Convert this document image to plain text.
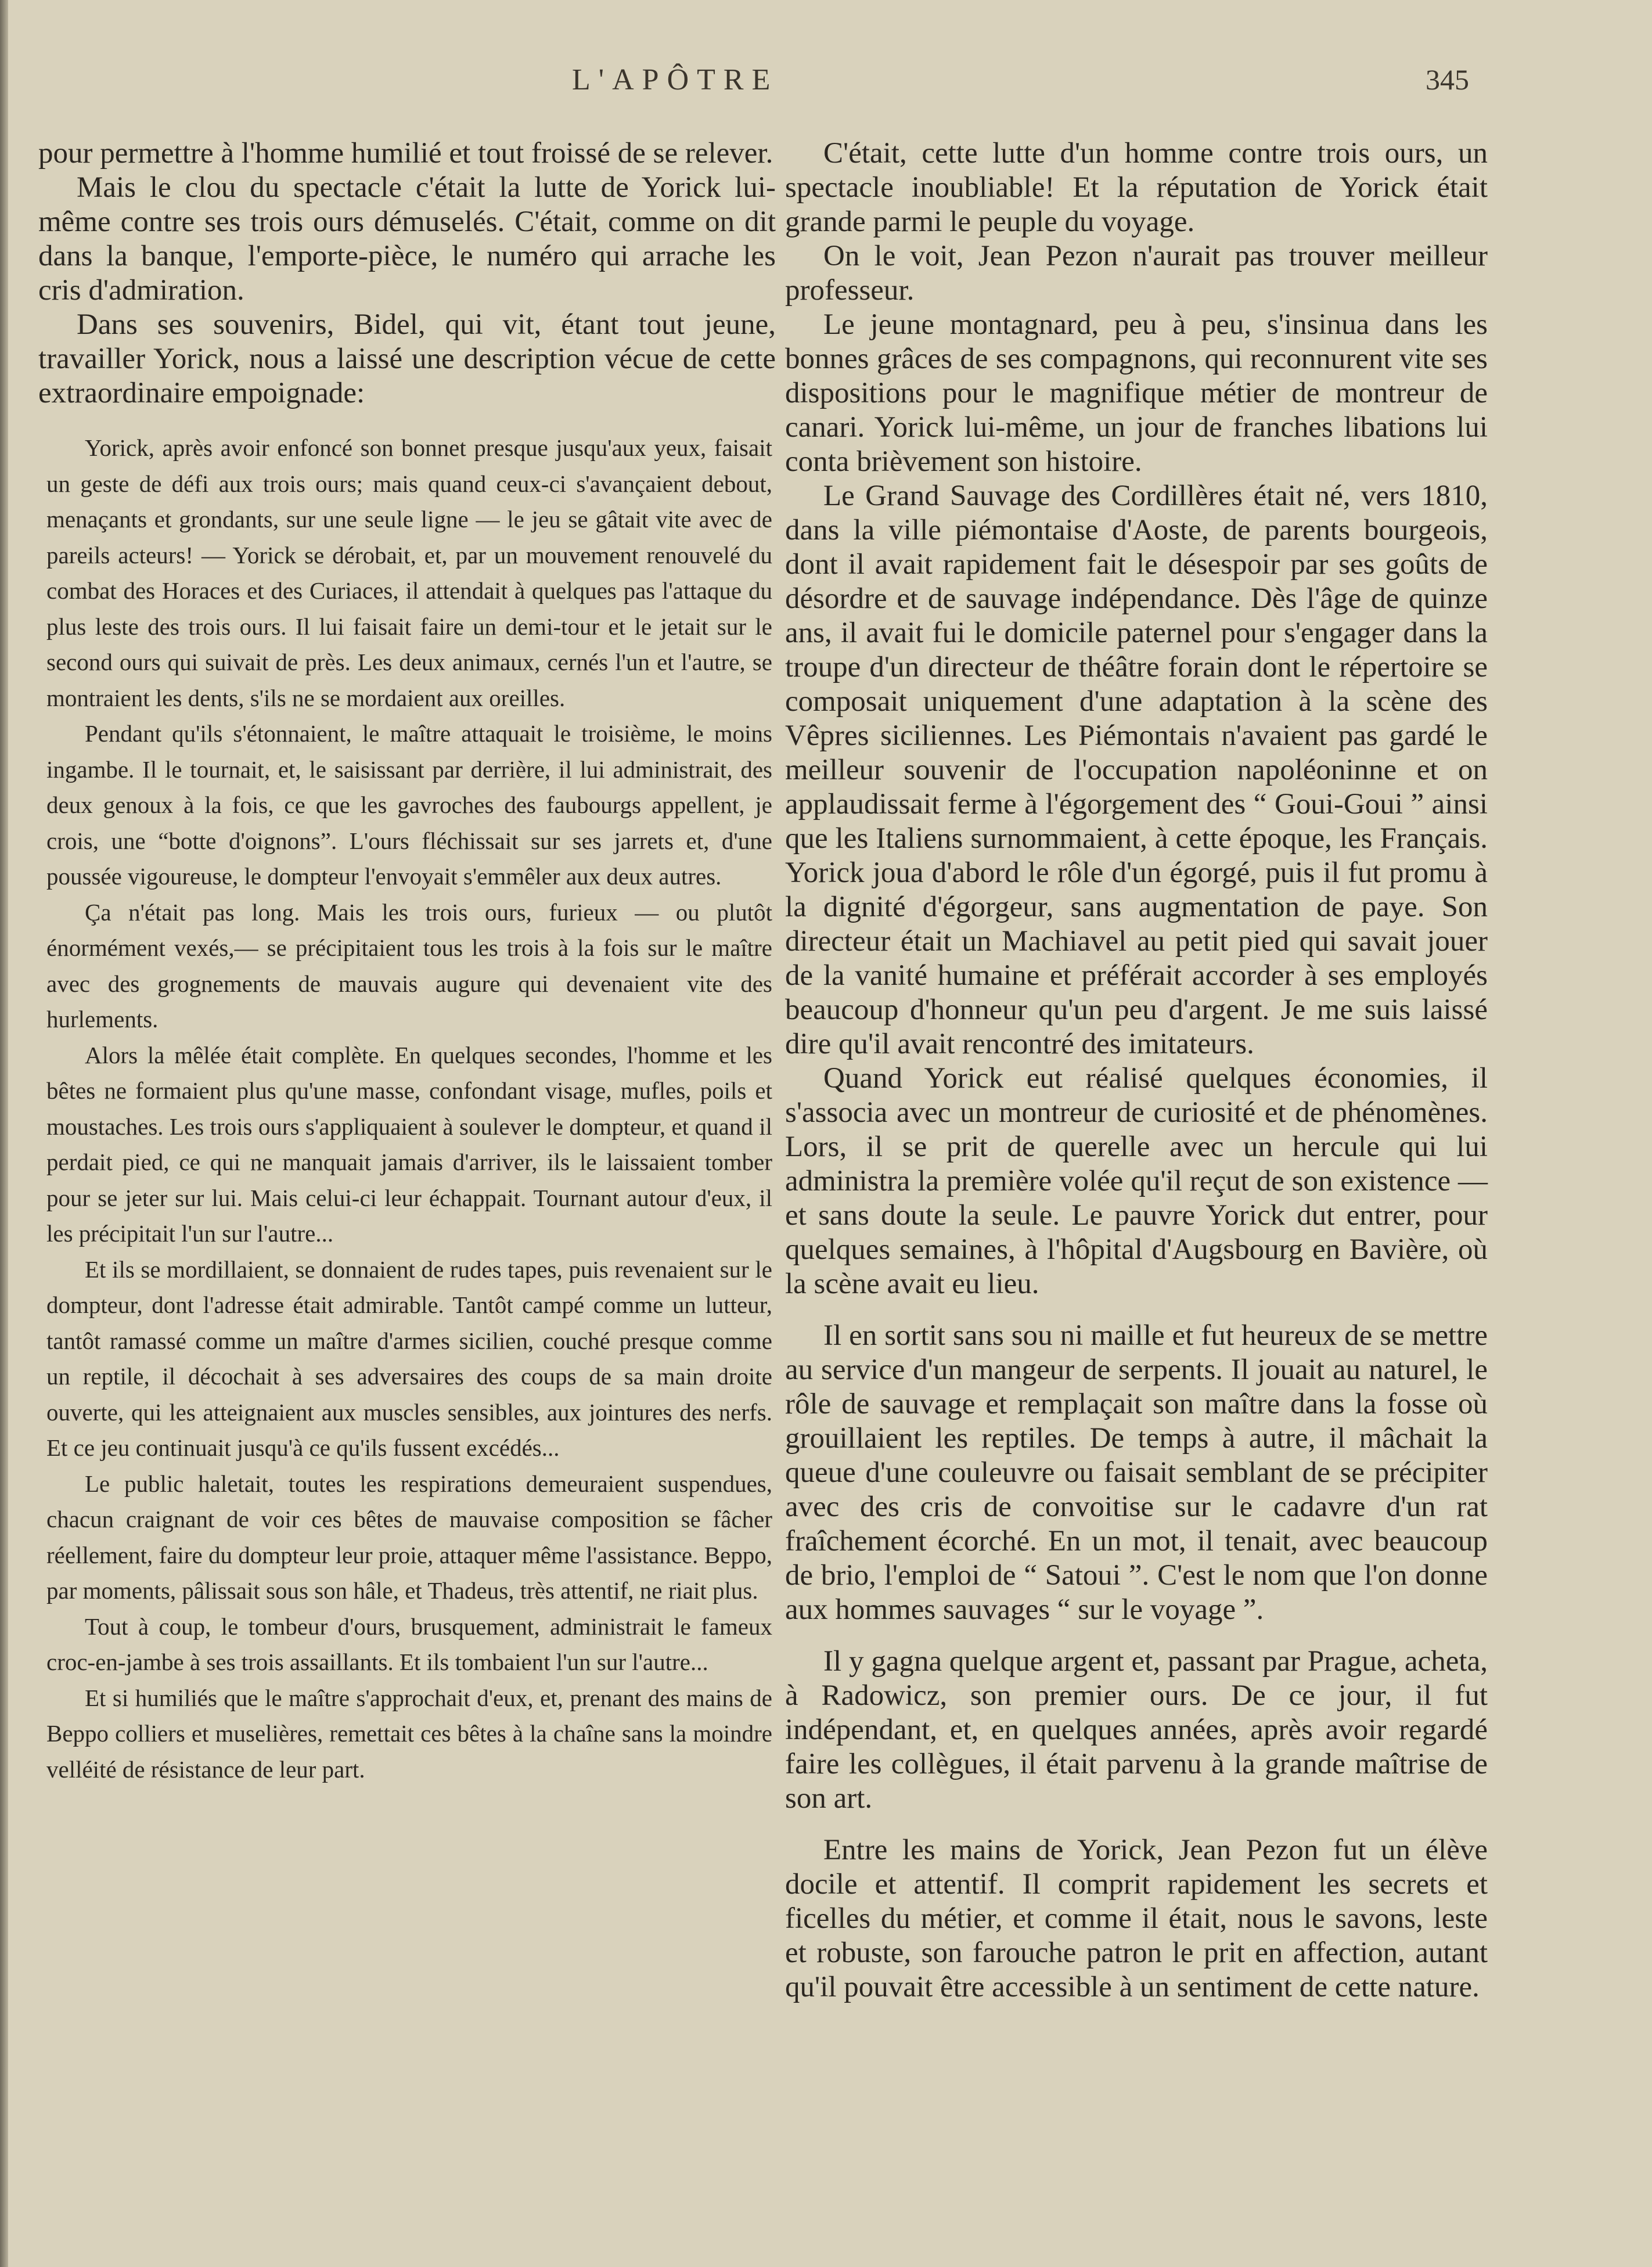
L'APÔTRE	345

pour permettre à l'homme humilié et tout froissé de se relever.

Mais le clou du spectacle c'était la lutte de Yorick lui-même contre ses trois ours démuselés. C'était, comme on dit dans la banque, l'emporte-pièce, le numéro qui arrache les cris d'admiration.

Dans ses souvenirs, Bidel, qui vit, étant tout jeune, travailler Yorick, nous a laissé une description vécue de cette extraordinaire empoignade:

Yorick, après avoir enfoncé son bonnet presque jusqu'aux yeux, faisait un geste de défi aux trois ours; mais quand ceux-ci s'avançaient debout, menaçants et grondants, sur une seule ligne — le jeu se gâtait vite avec de pareils acteurs! — Yorick se dérobait, et, par un mouvement renouvelé du combat des Horaces et des Curiaces, il attendait à quelques pas l'attaque du plus leste des trois ours. Il lui faisait faire un demi-tour et le jetait sur le second ours qui suivait de près. Les deux animaux, cernés l'un et l'autre, se montraient les dents, s'ils ne se mordaient aux oreilles.

Pendant qu'ils s'étonnaient, le maître attaquait le troisième, le moins ingambe. Il le tournait, et, le saisissant par derrière, il lui administrait, des deux genoux à la fois, ce que les gavroches des faubourgs appellent, je crois, une “botte d'oignons”. L'ours fléchissait sur ses jarrets et, d'une poussée vigoureuse, le dompteur l'envoyait s'emmêler aux deux autres.

Ça n'était pas long. Mais les trois ours, furieux — ou plutôt énormément vexés,— se précipitaient tous les trois à la fois sur le maître avec des grognements de mauvais augure qui devenaient vite des hurlements.

Alors la mêlée était complète. En quelques secondes, l'homme et les bêtes ne formaient plus qu'une masse, confondant visage, mufles, poils et moustaches. Les trois ours s'appliquaient à soulever le dompteur, et quand il perdait pied, ce qui ne manquait jamais d'arriver, ils le laissaient tomber pour se jeter sur lui. Mais celui-ci leur échappait. Tournant autour d'eux, il les précipitait l'un sur l'autre...

Et ils se mordillaient, se donnaient de rudes tapes, puis revenaient sur le dompteur, dont l'adresse était admirable. Tantôt campé comme un lutteur, tantôt ramassé comme un maître d'armes sicilien, couché presque comme un reptile, il décochait à ses adversaires des coups de sa main droite ouverte, qui les atteignaient aux muscles sensibles, aux jointures des nerfs. Et ce jeu continuait jusqu'à ce qu'ils fussent excédés...

Le public haletait, toutes les respirations demeuraient suspendues, chacun craignant de voir ces bêtes de mauvaise composition se fâcher réellement, faire du dompteur leur proie, attaquer même l'assistance. Beppo, par moments, pâlissait sous son hâle, et Thadeus, très attentif, ne riait plus.

Tout à coup, le tombeur d'ours, brusquement, administrait le fameux croc-en-jambe à ses trois assaillants. Et ils tombaient l'un sur l'autre...

Et si humiliés que le maître s'approchait d'eux, et, prenant des mains de Beppo colliers et muselières, remettait ces bêtes à la chaîne sans la moindre velléité de résistance de leur part.

C'était, cette lutte d'un homme contre trois ours, un spectacle inoubliable! Et la réputation de Yorick était grande parmi le peuple du voyage.

On le voit, Jean Pezon n'aurait pas trouver meilleur professeur.

Le jeune montagnard, peu à peu, s'insinua dans les bonnes grâces de ses compagnons, qui reconnurent vite ses dispositions pour le magnifique métier de montreur de canari. Yorick lui-même, un jour de franches libations lui conta brièvement son histoire.

Le Grand Sauvage des Cordillères était né, vers 1810, dans la ville piémontaise d'Aoste, de parents bourgeois, dont il avait rapidement fait le désespoir par ses goûts de désordre et de sauvage indépendance. Dès l'âge de quinze ans, il avait fui le domicile paternel pour s'engager dans la troupe d'un directeur de théâtre forain dont le répertoire se composait uniquement d'une adaptation à la scène des Vêpres siciliennes. Les Piémontais n'avaient pas gardé le meilleur souvenir de l'occupation napoléoninne et on applaudissait ferme à l'égorgement des “ Goui-Goui ” ainsi que les Italiens surnommaient, à cette époque, les Français. Yorick joua d'abord le rôle d'un égorgé, puis il fut promu à la dignité d'égorgeur, sans augmentation de paye. Son directeur était un Machiavel au petit pied qui savait jouer de la vanité humaine et préférait accorder à ses employés beaucoup d'honneur qu'un peu d'argent. Je me suis laissé dire qu'il avait rencontré des imitateurs.

Quand Yorick eut réalisé quelques économies, il s'associa avec un montreur de curiosité et de phénomènes. Lors, il se prit de querelle avec un hercule qui lui administra la première volée qu'il reçut de son existence — et sans doute la seule. Le pauvre Yorick dut entrer, pour quelques semaines, à l'hôpital d'Augsbourg en Bavière, où la scène avait eu lieu.

Il en sortit sans sou ni maille et fut heureux de se mettre au service d'un mangeur de serpents. Il jouait au naturel, le rôle de sauvage et remplaçait son maître dans la fosse où grouillaient les reptiles. De temps à autre, il mâchait la queue d'une couleuvre ou faisait semblant de se précipiter avec des cris de convoitise sur le cadavre d'un rat fraîchement écorché. En un mot, il tenait, avec beaucoup de brio, l'emploi de “ Satoui ”. C'est le nom que l'on donne aux hommes sauvages “ sur le voyage ”.

Il y gagna quelque argent et, passant par Prague, acheta, à Radowicz, son premier ours. De ce jour, il fut indépendant, et, en quelques années, après avoir regardé faire les collègues, il était parvenu à la grande maîtrise de son art.

Entre les mains de Yorick, Jean Pezon fut un élève docile et attentif. Il comprit rapidement les secrets et ficelles du métier, et comme il était, nous le savons, leste et robuste, son farouche patron le prit en affection, autant qu'il pouvait être accessible à un sentiment de cette nature.
